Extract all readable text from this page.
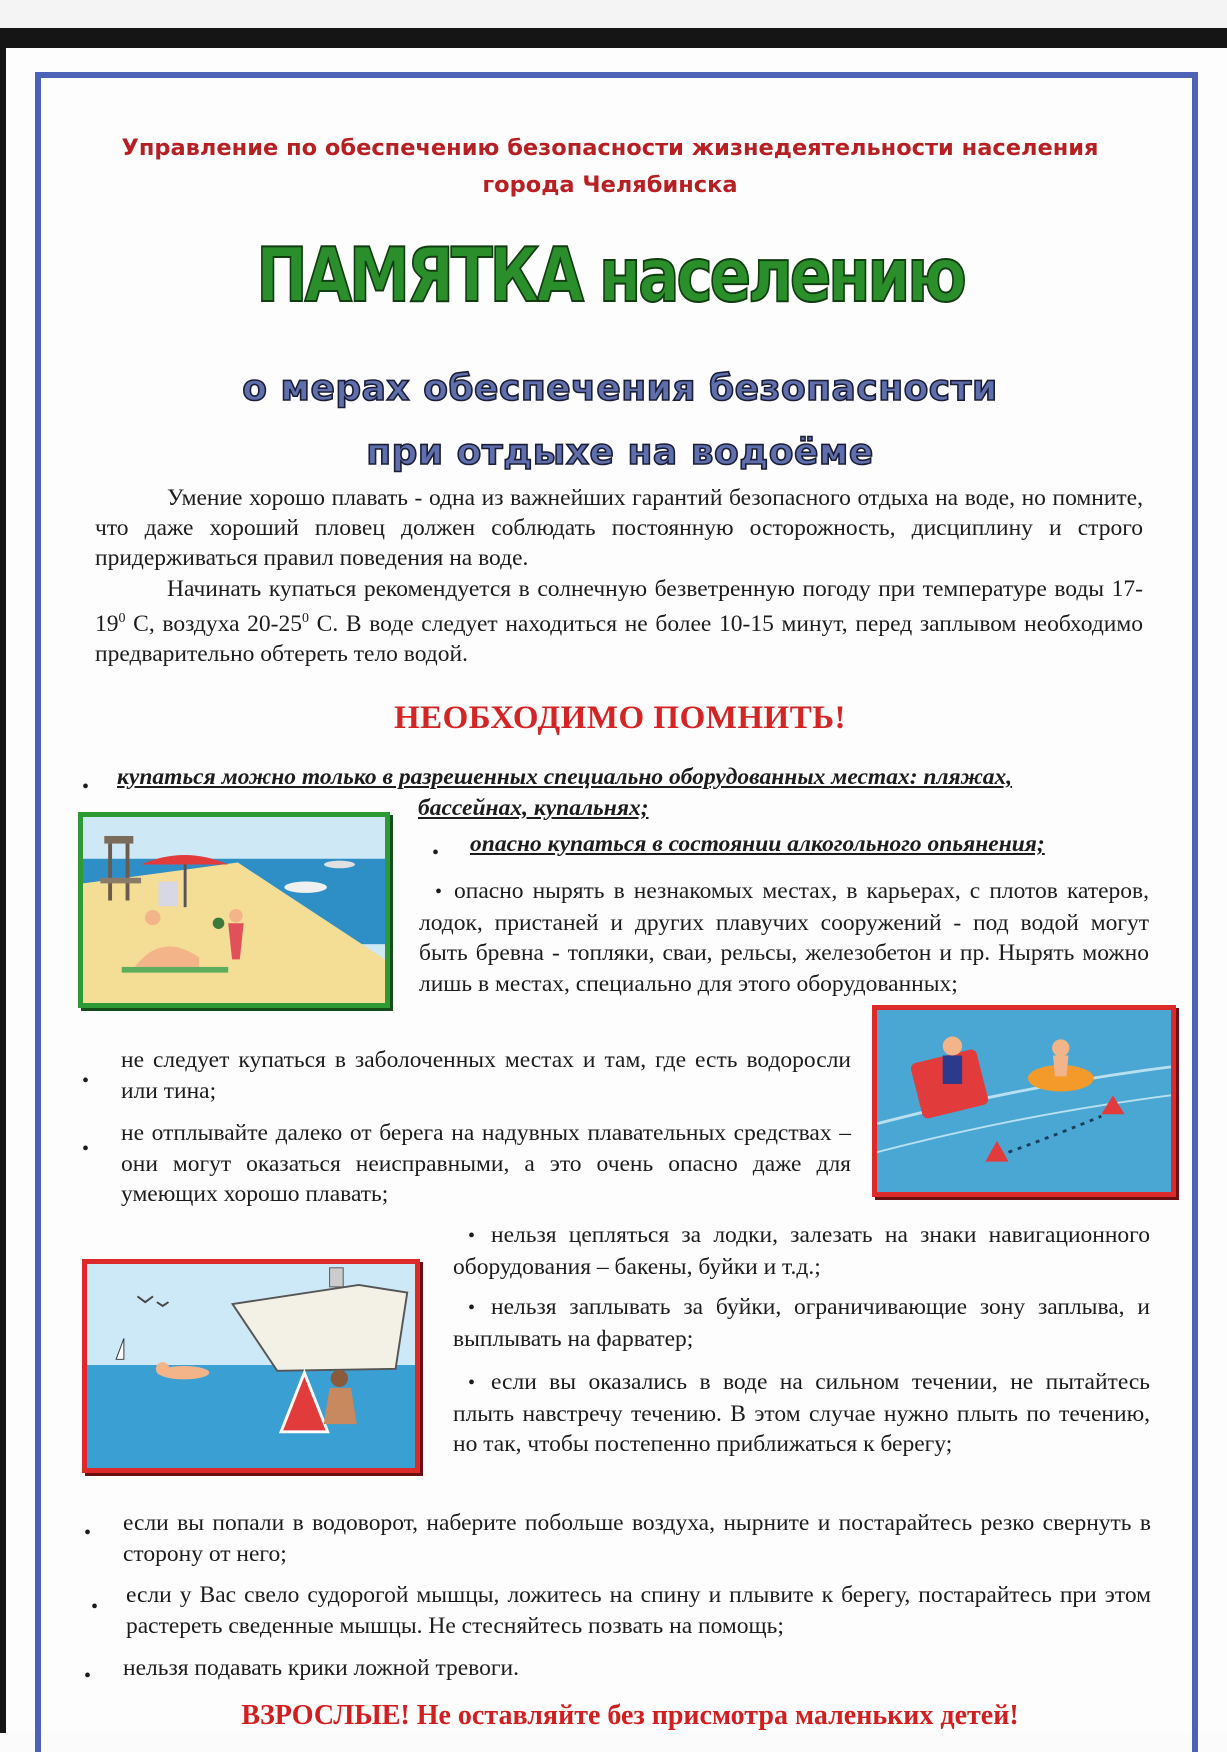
Управление по обеспечению безопасности жизнедеятельности населения
города Челябинска
ПАМЯТКА населению
о мерах обеспечения безопасности
при отдыхе на водоёме
Умение хорошо плавать - одна из важнейших гарантий безопасного отдыха на воде, но помните, что даже хороший пловец должен соблюдать постоянную осторожность, дисциплину и строго придерживаться правил поведения на воде.
Начинать купаться рекомендуется в солнечную безветренную погоду при температуре воды $17-19^0$ С, воздуха $20-25^0$ С. В воде следует находиться не более 10-15 минут, перед заплывом необходимо предварительно обтереть тело водой.
НЕОБХОДИМО ПОМНИТЬ!
• купаться можно только в разрешенных специально оборудованных местах: пляжах,
бассейнах, купальнях;
• опасно купаться в состоянии алкогольного опьянения;
• опасно нырять в незнакомых местах, в карьерах, с плотов катеров, лодок, пристаней и других плавучих сооружений - под водой могут быть бревна - топляки, сваи, рельсы, железобетон и пр. Нырять можно лишь в местах, специально для этого оборудованных;
•
не следует купаться в заболоченных местах и там, где есть водоросли или тина;
•
не отплывайте далеко от берега на надувных плавательных средствах – они могут оказаться неисправными, а это очень опасно даже для умеющих хорошо плавать;
• нельзя цепляться за лодки, залезать на знаки навигационного оборудования – бакены, буйки и т.д.;
• нельзя заплывать за буйки, ограничивающие зону заплыва, и выплывать на фарватер;
• если вы оказались в воде на сильном течении, не пытайтесь плыть навстречу течению. В этом случае нужно плыть по течению, но так, чтобы постепенно приближаться к берегу;
• если вы попали в водоворот, наберите побольше воздуха, нырните и постарайтесь резко свернуть в сторону от него;
• если у Вас свело судорогой мышцы, ложитесь на спину и плывите к берегу, постарайтесь при этом растереть сведенные мышцы. Не стесняйтесь позвать на помощь;
• нельзя подавать крики ложной тревоги.
ВЗРОСЛЫЕ! Не оставляйте без присмотра маленьких детей!
